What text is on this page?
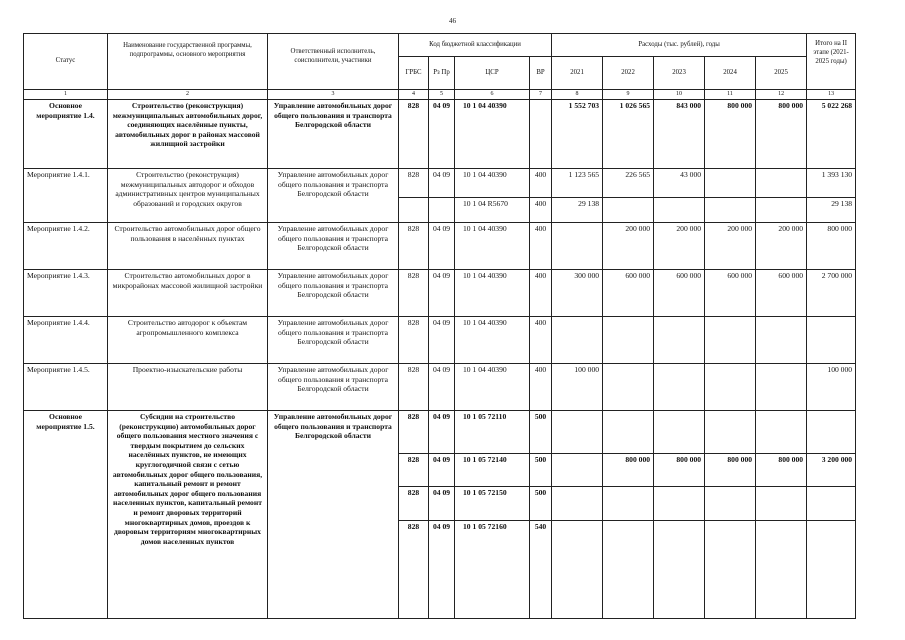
46
Статус	Наименование государственной программы, подпрограммы, основного мероприятия	Ответственный исполнитель, соисполнители, участники	Код бюджетной классификации				Расходы (тыс. рублей), годы					Итого на II этапе (2021-2025 годы)
			ГРБС	Рз Пр	ЦСР	ВР	2021	2022	2023	2024	2025	
1	2	3	4	5	6	7	8	9	10	11	12	13
Основное мероприятие 1.4.	Строительство (реконструкция) межмуниципальных автомобильных дорог, соединяющих населённые пункты, автомобильных дорог в районах массовой жилищной застройки	Управление автомобильных дорог общего пользования и транспорта Белгородской области	828	04 09	10 1 04 40390		1 552 703	1 026 565	843 000	800 000	800 000	5 022 268
Мероприятие 1.4.1.	Строительство (реконструкция) межмуниципальных автодорог и обходов административных центров муниципальных образований и городских округов	Управление автомобильных дорог общего пользования и транспорта Белгородской области	828	04 09	10 1 04 40390	400	1 123 565	226 565	43 000			1 393 130
					10 1 04 R5670	400	29 138					29 138
Мероприятие 1.4.2.	Строительство автомобильных дорог общего пользования в населённых пунктах	Управление автомобильных дорог общего пользования и транспорта Белгородской области	828	04 09	10 1 04 40390	400		200 000	200 000	200 000	200 000	800 000
Мероприятие 1.4.3.	Строительство автомобильных дорог в микрорайонах массовой жилищной застройки	Управление автомобильных дорог общего пользования и транспорта Белгородской области	828	04 09	10 1 04 40390	400	300 000	600 000	600 000	600 000	600 000	2 700 000
Мероприятие 1.4.4.	Строительство автодорог к объектам агропромышленного комплекса	Управление автомобильных дорог общего пользования и транспорта Белгородской области	828	04 09	10 1 04 40390	400						
Мероприятие 1.4.5.	Проектно-изыскательские работы	Управление автомобильных дорог общего пользования и транспорта Белгородской области	828	04 09	10 1 04 40390	400	100 000					100 000
Основное мероприятие 1.5.	Субсидии на строительство (реконструкцию) автомобильных дорог общего пользования местного значения с твердым покрытием до сельских населённых пунктов, не имеющих круглогодичной связи с сетью автомобильных дорог общего пользования, капитальный ремонт и ремонт автомобильных дорог общего пользования населенных пунктов, капитальный ремонт и ремонт дворовых территорий многоквартирных домов, проездов к дворовым территориям многоквартирных домов населенных пунктов	Управление автомобильных дорог общего пользования и транспорта Белгородской области	828	04 09	10 1 05 72110	500						
			828	04 09	10 1 05 72140	500		800 000	800 000	800 000	800 000	3 200 000
			828	04 09	10 1 05 72150	500						
			828	04 09	10 1 05 72160	540						
